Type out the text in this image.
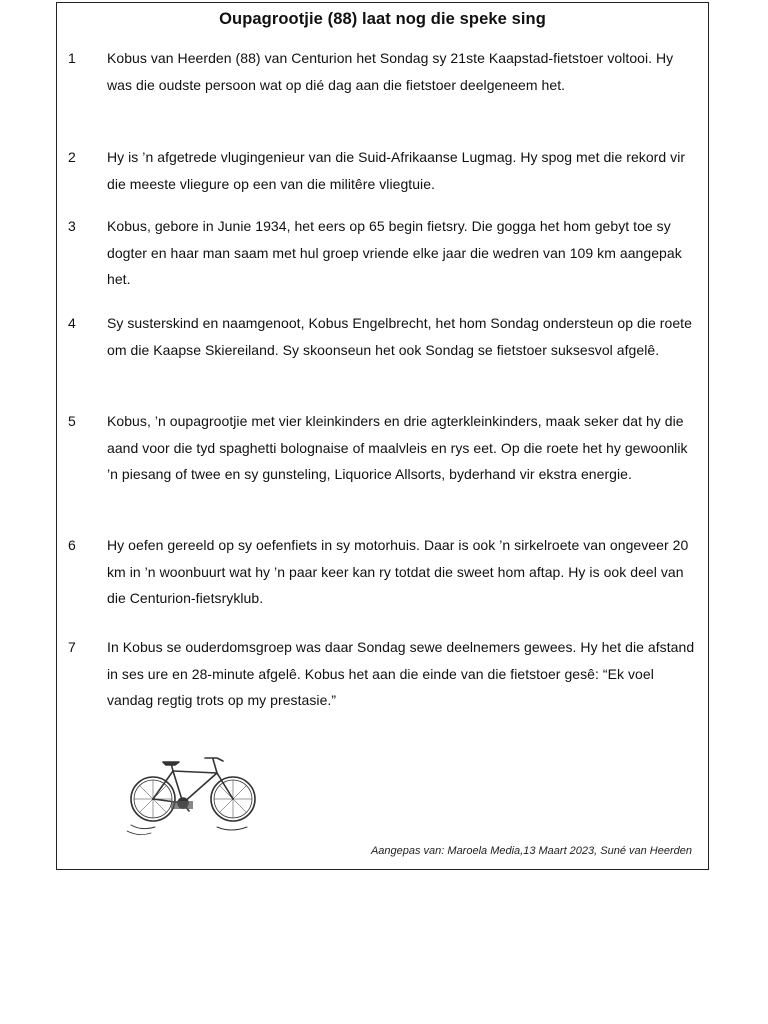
Oupagrootjie (88) laat nog die speke sing
1 Kobus van Heerden (88) van Centurion het Sondag sy 21ste Kaapstad-fietstoer voltooi. Hy was die oudste persoon wat op dié dag aan die fietstoer deelgeneem het.

2 Hy is ’n afgetrede vlugingenieur van die Suid-Afrikaanse Lugmag. Hy spog met die rekord vir die meeste vliegure op een van die militêre vliegtuie.

3 Kobus, gebore in Junie 1934, het eers op 65 begin fietsry. Die gogga het hom gebyt toe sy dogter en haar man saam met hul groep vriende elke jaar die wedren van 109 km aangepak het.

4 Sy susterskind en naamgenoot, Kobus Engelbrecht, het hom Sondag ondersteun op die roete om die Kaapse Skiereiland. Sy skoonseun het ook Sondag se fietstoer suksesvol afgelê.

5 Kobus, ’n oupagrootjie met vier kleinkinders en drie agterkleinkinders, maak seker dat hy die aand voor die tyd spaghetti bolognaise of maalvleis en rys eet. Op die roete het hy gewoonlik ’n piesang of twee en sy gunsteling, Liquorice Allsorts, byderhand vir ekstra energie.

6 Hy oefen gereeld op sy oefenfiets in sy motorhuis. Daar is ook ’n sirkelroete van ongeveer 20 km in ’n woonbuurt wat hy ’n paar keer kan ry totdat die sweet hom aftap. Hy is ook deel van die Centurion-fietsryklub.

7 In Kobus se ouderdomsgroep was daar Sondag sewe deelnemers gewees. Hy het die afstand in ses ure en 28-minute afgelê. Kobus het aan die einde van die fietstoer gesê: “Ek voel vandag regtig trots op my prestasie.”

Aangepas van: Maroela Media,13 Maart 2023, Suné van Heerden
